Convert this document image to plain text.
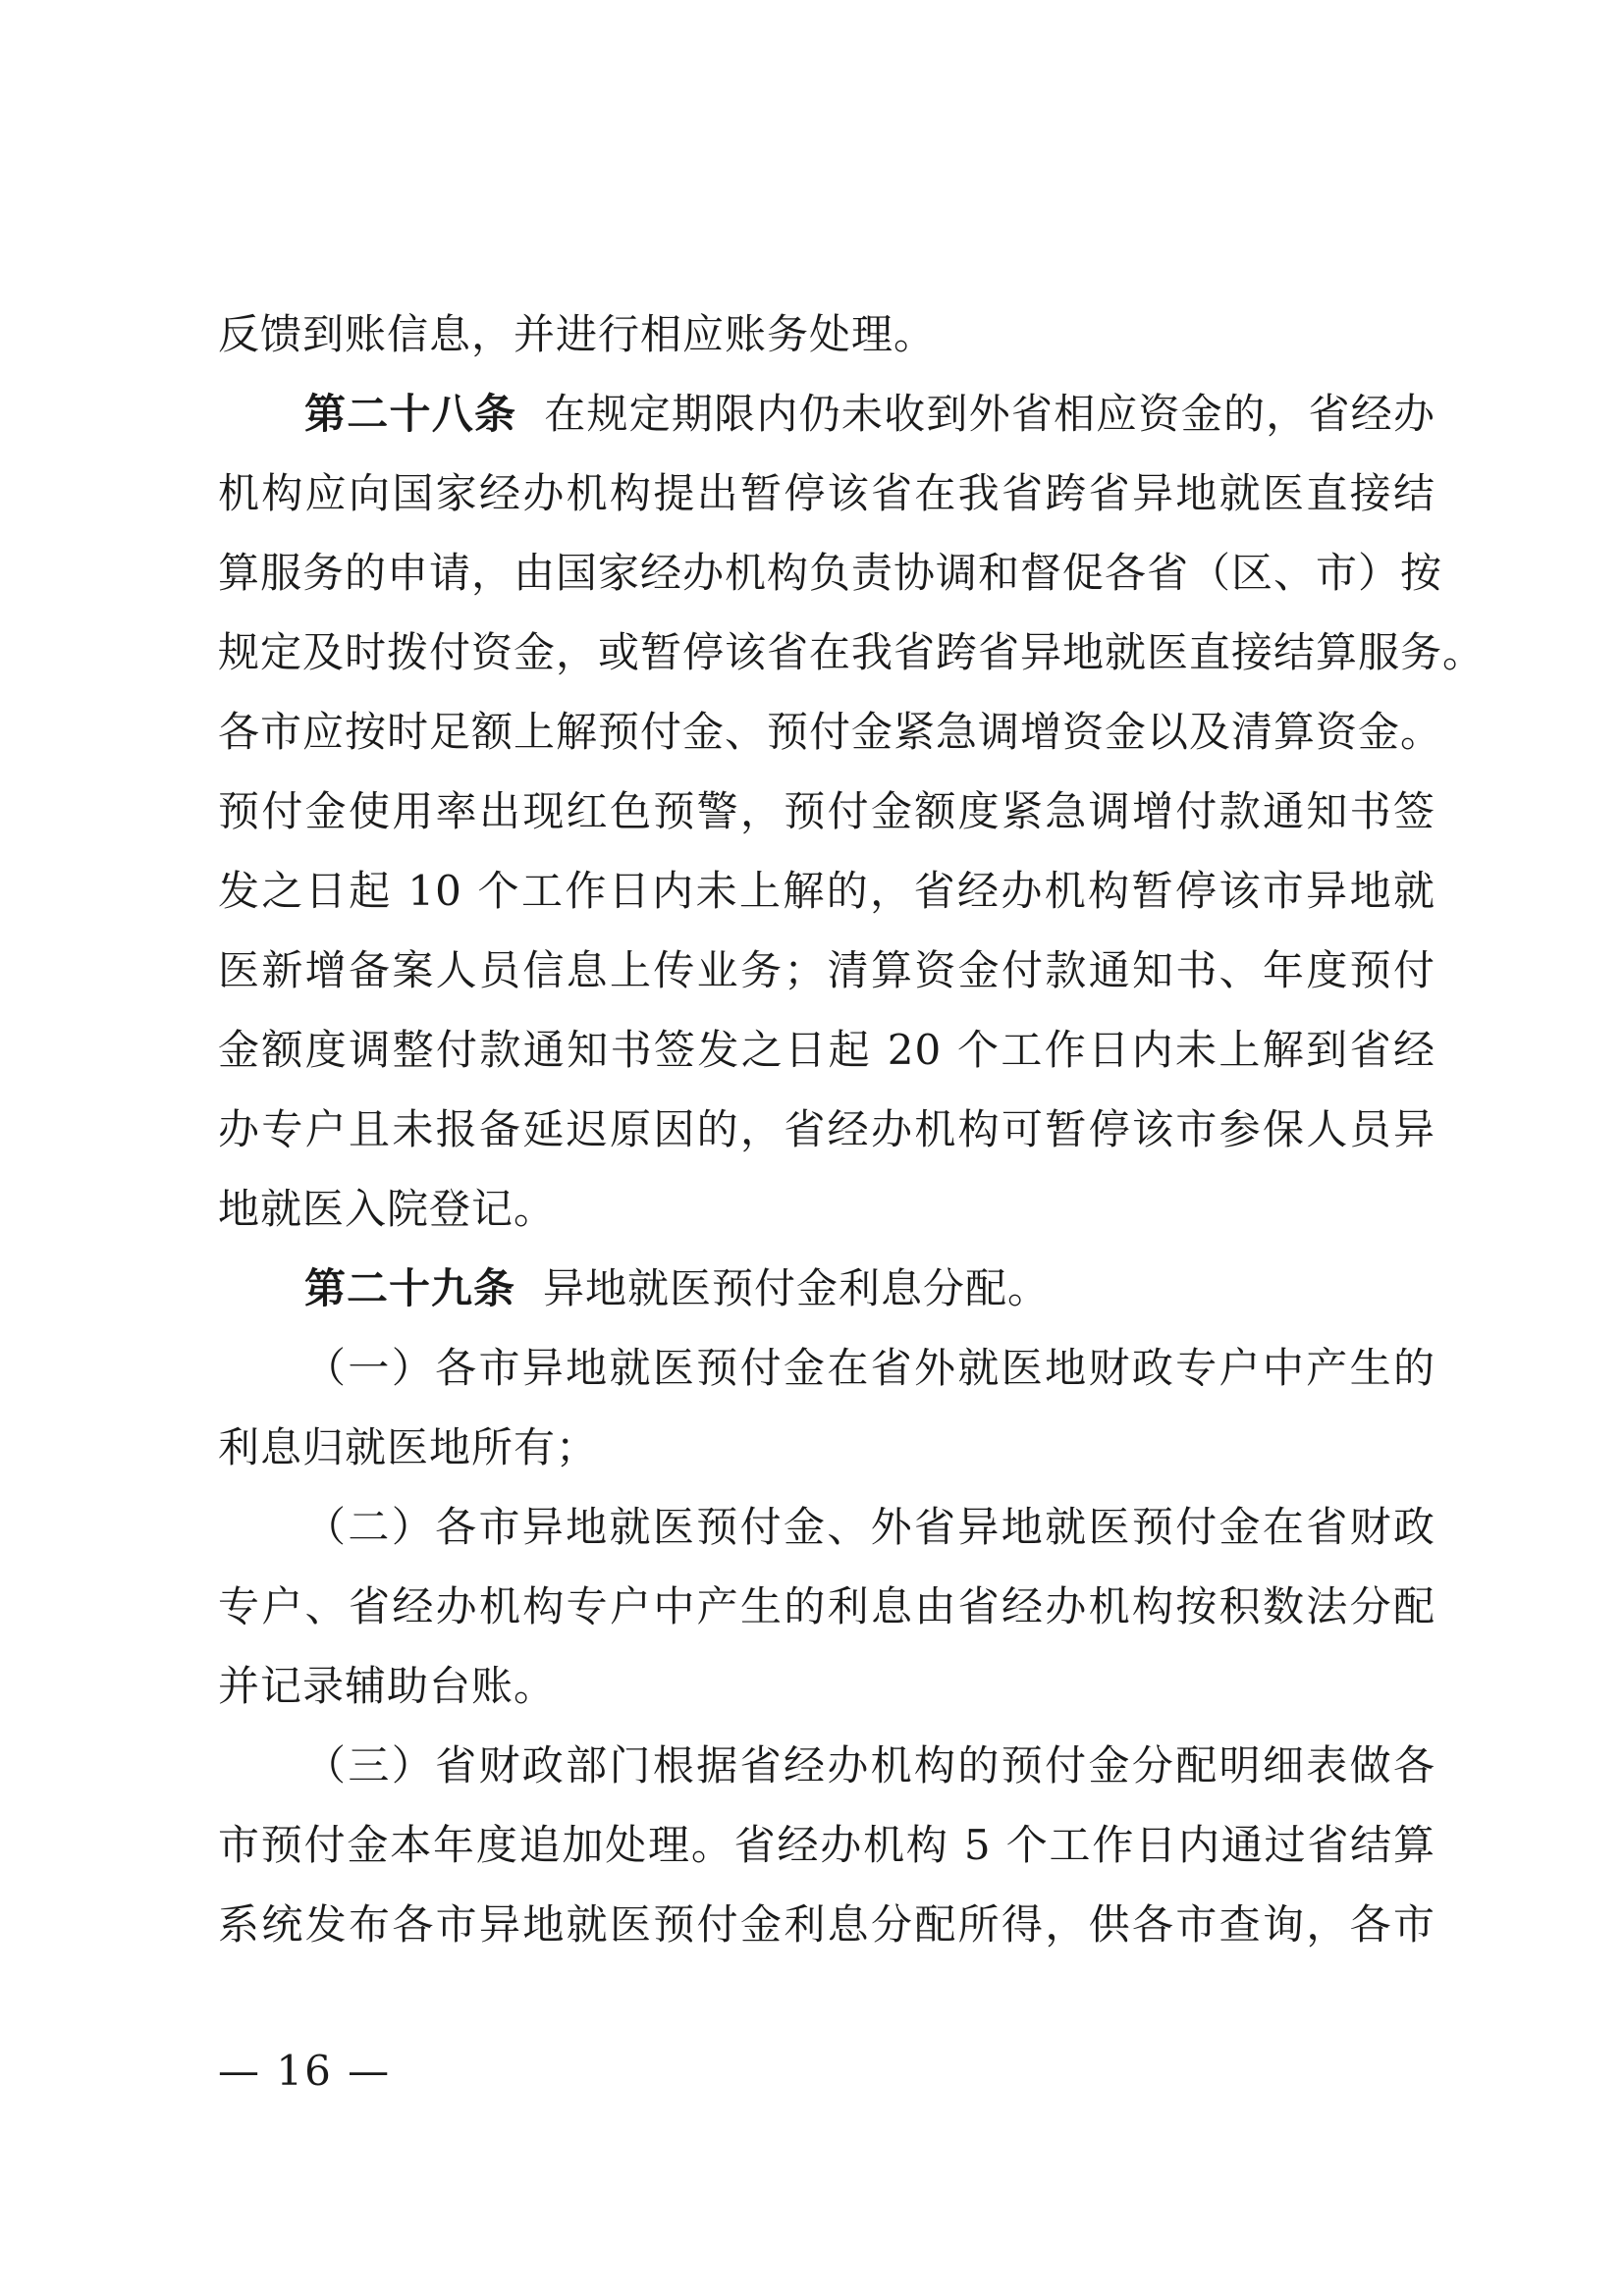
反馈到账信息，并进行相应账务处理。
第二十八条 在规定期限内仍未收到外省相应资金的，省经办
机构应向国家经办机构提出暂停该省在我省跨省异地就医直接结
算服务的申请，由国家经办机构负责协调和督促各省（区、市）按
规定及时拨付资金，或暂停该省在我省跨省异地就医直接结算服务。
各市应按时足额上解预付金、预付金紧急调增资金以及清算资金。
预付金使用率出现红色预警，预付金额度紧急调增付款通知书签
发之日起 10 个工作日内未上解的，省经办机构暂停该市异地就
医新增备案人员信息上传业务；清算资金付款通知书、年度预付
金额度调整付款通知书签发之日起 20 个工作日内未上解到省经
办专户且未报备延迟原因的，省经办机构可暂停该市参保人员异
地就医入院登记。
第二十九条 异地就医预付金利息分配。
（一）各市异地就医预付金在省外就医地财政专户中产生的
利息归就医地所有；
（二）各市异地就医预付金、外省异地就医预付金在省财政
专户、省经办机构专户中产生的利息由省经办机构按积数法分配
并记录辅助台账。
（三）省财政部门根据省经办机构的预付金分配明细表做各
市预付金本年度追加处理。省经办机构 5 个工作日内通过省结算
系统发布各市异地就医预付金利息分配所得，供各市查询，各市
— 16 —
